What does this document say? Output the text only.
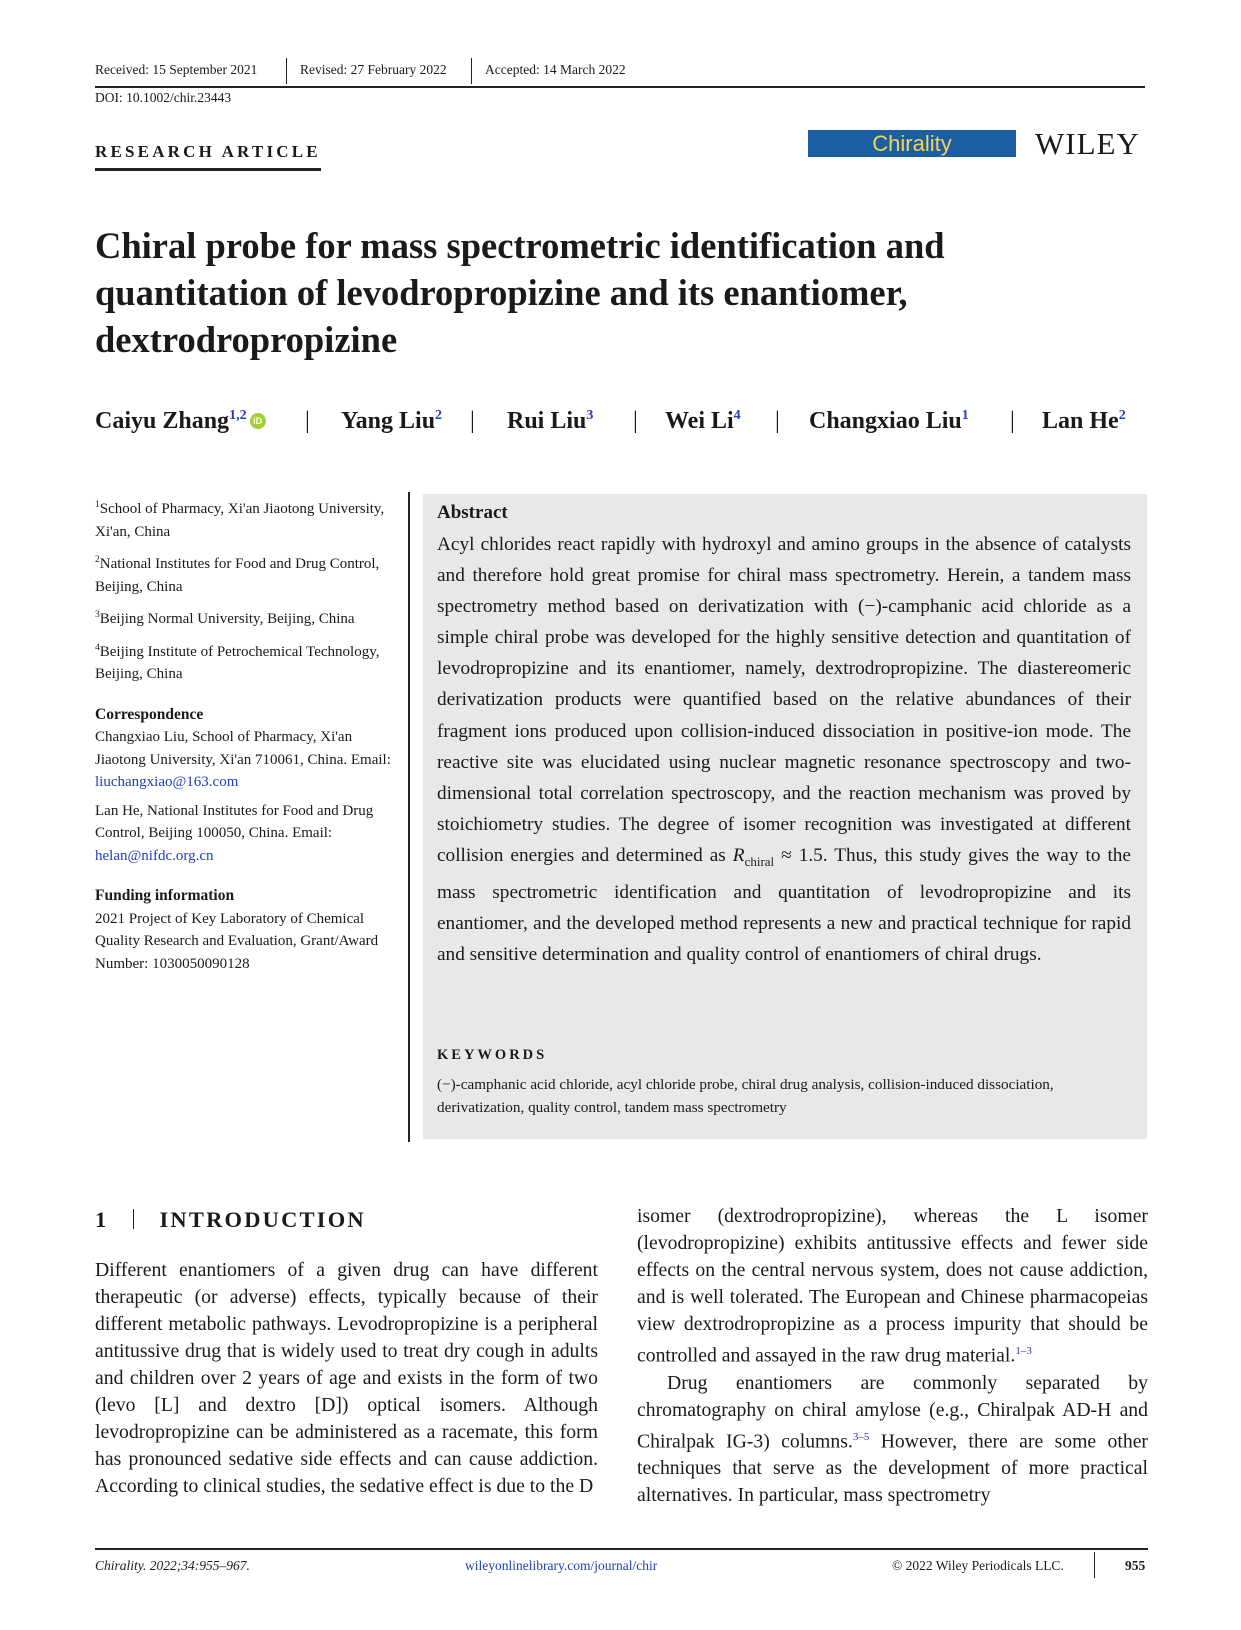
Received: 15 September 2021	Revised: 27 February 2022	Accepted: 14 March 2022
DOI: 10.1002/chir.23443
RESEARCH ARTICLE	Chirality	WILEY
Chiral probe for mass spectrometric identification and
quantitation of levodropropizine and its enantiomer,
dextrodropropizine
Caiyu Zhang$^{1,2}$ iD | Yang Liu$^2$ | Rui Liu$^3$ | Wei Li$^4$ | Changxiao Liu$^1$ | Lan He$^2$
$^1$School of Pharmacy, Xi'an Jiaotong University, Xi'an, China
$^2$National Institutes for Food and Drug Control, Beijing, China
$^3$Beijing Normal University, Beijing, China
$^4$Beijing Institute of Petrochemical Technology, Beijing, China
Correspondence

Changxiao Liu, School of Pharmacy, Xi'an Jiaotong University, Xi'an 710061, China. Email: liuchangxiao@163.com

Lan He, National Institutes for Food and Drug Control, Beijing 100050, China. Email: helan@nifdc.org.cn

Funding information

2021 Project of Key Laboratory of Chemical Quality Research and Evaluation, Grant/Award Number: 1030050090128

Abstract
Acyl chlorides react rapidly with hydroxyl and amino groups in the absence of catalysts and therefore hold great promise for chiral mass spectrometry. Herein, a tandem mass spectrometry method based on derivatization with (−)-camphanic acid chloride as a simple chiral probe was developed for the highly sensitive detection and quantitation of levodropropizine and its enantiomer, namely, dextrodropropizine. The diastereomeric derivatization products were quantified based on the relative abundances of their fragment ions produced upon collision-induced dissociation in positive-ion mode. The reactive site was elucidated using nuclear magnetic resonance spectroscopy and two-dimensional total correlation spectroscopy, and the reaction mechanism was proved by stoichiometry studies. The degree of isomer recognition was investigated at different collision energies and determined as $R_{chiral} \approx 1.5$. Thus, this study gives the way to the mass spectrometric identification and quantitation of levodropropizine and its enantiomer, and the developed method represents a new and practical technique for rapid and sensitive determination and quality control of enantiomers of chiral drugs.
KEYWORDS
(−)-camphanic acid chloride, acyl chloride probe, chiral drug analysis, collision-induced dissociation, derivatization, quality control, tandem mass spectrometry
1 INTRODUCTION
Different enantiomers of a given drug can have different therapeutic (or adverse) effects, typically because of their different metabolic pathways. Levodropropizine is a peripheral antitussive drug that is widely used to treat dry cough in adults and children over 2 years of age and exists in the form of two (levo [L] and dextro [D]) optical isomers. Although levodropropizine can be administered as a racemate, this form has pronounced sedative side effects and can cause addiction. According to clinical studies, the sedative effect is due to the D

isomer (dextrodropropizine), whereas the L isomer (levodropropizine) exhibits antitussive effects and fewer side effects on the central nervous system, does not cause addiction, and is well tolerated. The European and Chinese pharmacopeias view dextrodropropizine as a process impurity that should be controlled and assayed in the raw drug material.$^{1-3}$

Drug enantiomers are commonly separated by chromatography on chiral amylose (e.g., Chiralpak AD-H and Chiralpak IG-3) columns.$^{3-5}$ However, there are some other techniques that serve as the development of more practical alternatives. In particular, mass spectrometry

Chirality. 2022;34:955–967.	wileyonlinelibrary.com/journal/chir	© 2022 Wiley Periodicals LLC.	955
